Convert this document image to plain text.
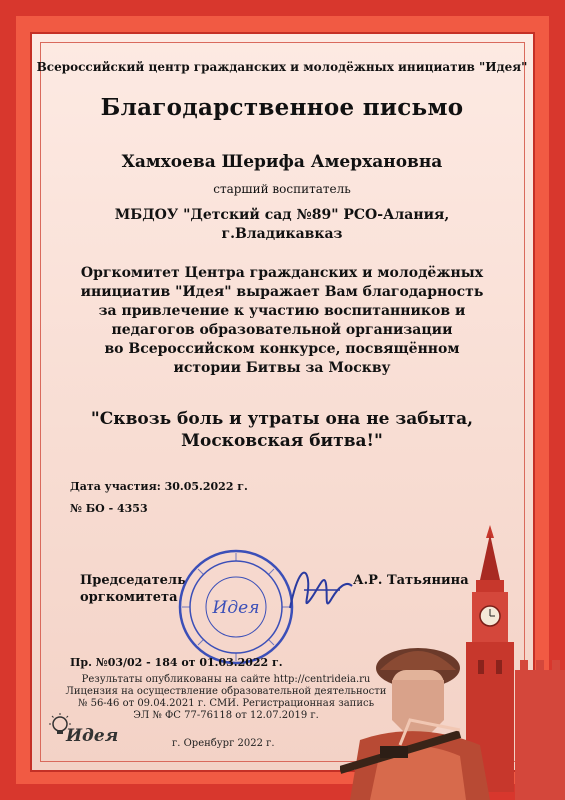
Всероссийский центр гражданских и молодёжных инициатив "Идея"
Благодарственное письмо
Хамхоева Шерифа Амерхановна
старший воспитатель
МБДОУ "Детский сад №89" РСО-Алания,
г.Владикавказ
Оргкомитет Центра гражданских и молодёжных
инициатив "Идея" выражает Вам благодарность
за привлечение к участию воспитанников и
педагогов образовательной организации
во Всероссийском конкурсе, посвящённом
истории Битвы за Москву
"Сквозь боль и утраты она не забыта,
Московская битва!"
Дата участия: 30.05.2022 г.
№ БО - 4353
Председатель
оргкомитета
Идея
А.Р. Татьянина
Пр. №03/02 - 184 от 01.03.2022 г.
Результаты опубликованы на сайте http://centrideia.ru
Лицензия на осуществление образовательной деятельности
№ 56-46 от 09.04.2021 г. СМИ. Регистрационная запись
ЭЛ № ФС 77-76118 от 12.07.2019 г.
Идея	г. Оренбург 2022 г.
